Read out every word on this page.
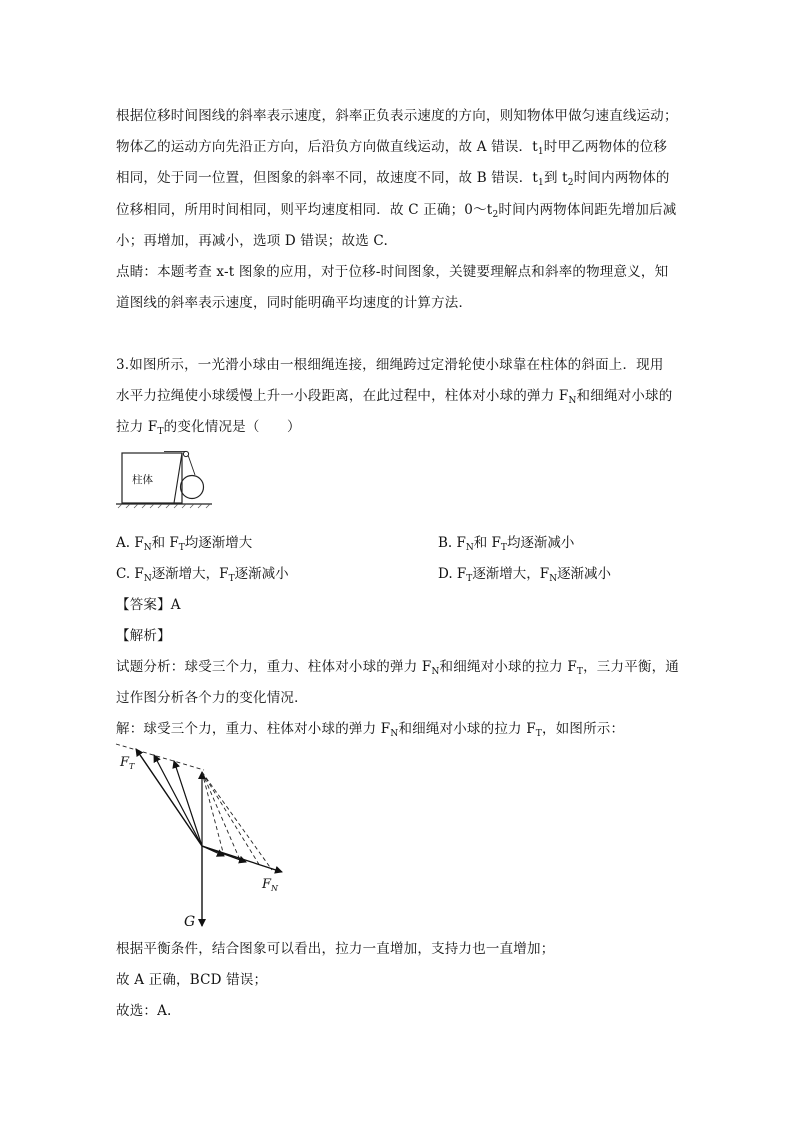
根据位移时间图线的斜率表示速度，斜率正负表示速度的方向，则知物体甲做匀速直线运动；
物体乙的运动方向先沿正方向，后沿负方向做直线运动，故 A 错误．$t_1$时甲乙两物体的位移
相同，处于同一位置，但图象的斜率不同，故速度不同，故 B 错误．$t_1$到 $t_2$时间内两物体的
位移相同，所用时间相同，则平均速度相同．故 C 正确；$0\sim t_2$时间内两物体间距先增加后减
小；再增加，再减小，选项 D 错误；故选 C.
点睛：本题考查 x-t 图象的应用，对于位移-时间图象，关键要理解点和斜率的物理意义，知
道图线的斜率表示速度，同时能明确平均速度的计算方法．
3.如图所示，一光滑小球由一根细绳连接，细绳跨过定滑轮使小球靠在柱体的斜面上．现用
水平力拉绳使小球缓慢上升一小段距离，在此过程中，柱体对小球的弹力 $F_N$和细绳对小球的
拉力 $F_T$的变化情况是（　　）
柱体
A. $F_N$和 $F_T$均逐渐增大	B. $F_N$和 $F_T$均逐渐减小
C. $F_N$逐渐增大，$F_T$逐渐减小	D. $F_T$逐渐增大，$F_N$逐渐减小
【答案】A
【解析】
试题分析：球受三个力，重力、柱体对小球的弹力 $F_N$和细绳对小球的拉力 $F_T$，三力平衡，通
过作图分析各个力的变化情况．
解：球受三个力，重力、柱体对小球的弹力 $F_N$和细绳对小球的拉力 $F_T$，如图所示：
$F_T$
$F_N$
G
根据平衡条件，结合图象可以看出，拉力一直增加，支持力也一直增加；
故 A 正确，BCD 错误；
故选：A.
